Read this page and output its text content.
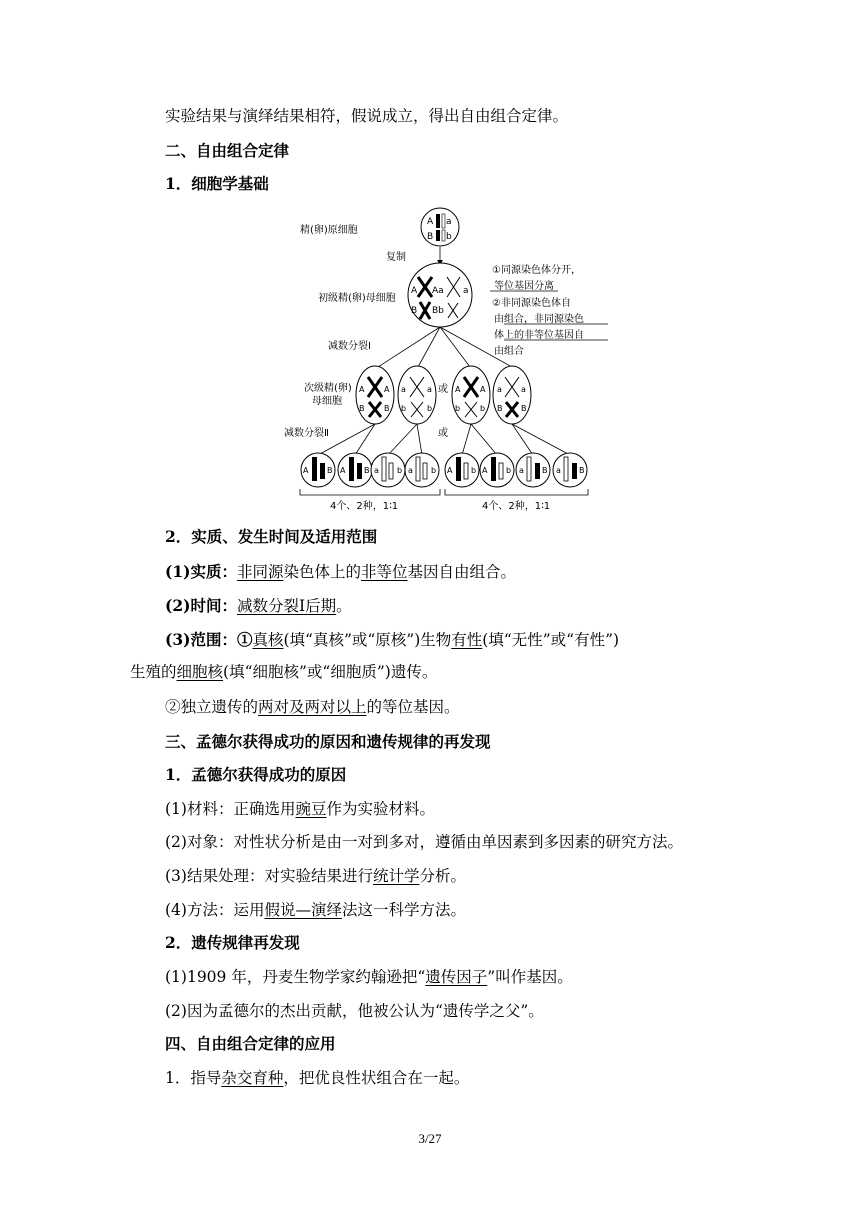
实验结果与演绎结果相符，假说成立，得出自由组合定律。
二、自由组合定律
1．细胞学基础
精(卵)原细胞
复制
初级精(卵)母细胞
减数分裂Ⅰ
次级精(卵)
母细胞
减数分裂Ⅱ
或
或
①同源染色体分开，
等位基因分离
②非同源染色体自
由组合，非同源染色
体上的非等位基因自
由组合
A a
B b
A Aa a
B Bb
A A
B B
a	a
b	b
A A
b b
a a
B B
A B A B a b a b A b A b a B a B
4个、2种，1∶1	4个、2种，1∶1
2．实质、发生时间及适用范围
(1)实质：非同源染色体上的非等位基因自由组合。
(2)时间：减数分裂Ⅰ后期。
(3)范围：①真核(填“真核”或“原核”)生物有性(填“无性”或“有性”)
生殖的细胞核(填“细胞核”或“细胞质”)遗传。
②独立遗传的两对及两对以上的等位基因。
三、孟德尔获得成功的原因和遗传规律的再发现
1．孟德尔获得成功的原因
(1)材料：正确选用豌豆作为实验材料。
(2)对象：对性状分析是由一对到多对，遵循由单因素到多因素的研究方法。
(3)结果处理：对实验结果进行统计学分析。
(4)方法：运用假说—演绎法这一科学方法。
2．遗传规律再发现
(1)1909 年，丹麦生物学家约翰逊把“遗传因子”叫作基因。
(2)因为孟德尔的杰出贡献，他被公认为“遗传学之父”。
四、自由组合定律的应用
1．指导杂交育种，把优良性状组合在一起。
3/27
